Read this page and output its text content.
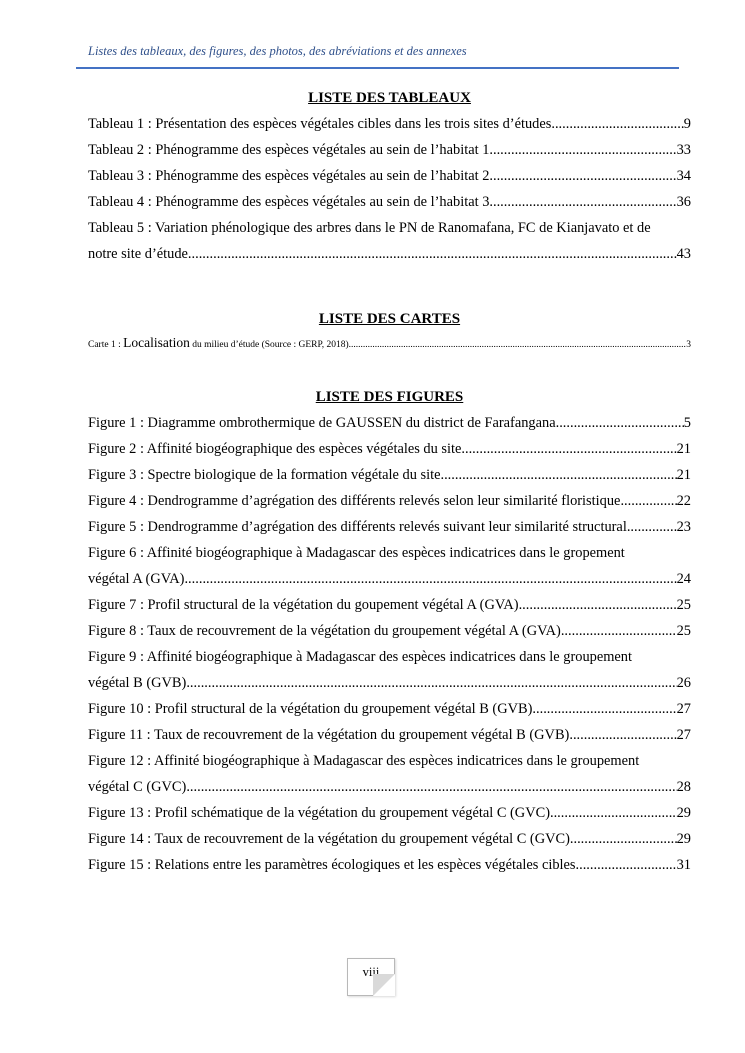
Listes des tableaux, des figures, des photos, des abréviations et des annexes
LISTE DES TABLEAUX
Tableau 1 : Présentation des espèces végétales cibles dans les trois sites d’études .....	9
Tableau 2 : Phénogramme des espèces végétales au sein de l’habitat 1 .....	33
Tableau 3 : Phénogramme des espèces végétales au sein de l’habitat 2 .....	34
Tableau 4 : Phénogramme des espèces végétales au sein de l’habitat 3 .....	36
Tableau 5 : Variation phénologique des arbres dans le PN de Ranomafana, FC de Kianjavato et de
notre site d’étude .....	43
LISTE DES CARTES
Carte 1 : Localisation du milieu d’étude (Source : GERP, 2018) .....	3
LISTE DES FIGURES
Figure 1 : Diagramme ombrothermique de GAUSSEN du district de Farafangana .....	5
Figure 2 : Affinité biogéographique des espèces végétales du site .....	21
Figure 3 : Spectre biologique de la formation végétale du site .....	21
Figure 4 : Dendrogramme d’agrégation des différents relevés selon leur similarité floristique .....	22
Figure 5 : Dendrogramme d’agrégation des différents relevés suivant leur similarité structural .....	23
Figure 6 : Affinité biogéographique à Madagascar des espèces indicatrices dans le gropement
végétal A (GVA) .....	24
Figure 7 : Profil structural de la végétation du goupement végétal A (GVA) .....	25
Figure 8 : Taux de recouvrement de la végétation du groupement végétal A (GVA) .....	25
Figure 9 : Affinité biogéographique à Madagascar des espèces indicatrices dans le groupement
végétal B (GVB) .....	26
Figure 10 : Profil structural de la végétation du groupement végétal B (GVB) .....	27
Figure 11 : Taux de recouvrement de la végétation du groupement végétal B (GVB) .....	27
Figure 12 : Affinité biogéographique à Madagascar des espèces indicatrices dans le groupement
végétal C (GVC) .....	28
Figure 13 : Profil schématique de la végétation du groupement végétal C (GVC) .....	29
Figure 14 : Taux de recouvrement de la végétation du groupement végétal C (GVC) .....	29
Figure 15 : Relations entre les paramètres écologiques et les espèces végétales cibles .....	31
viii
